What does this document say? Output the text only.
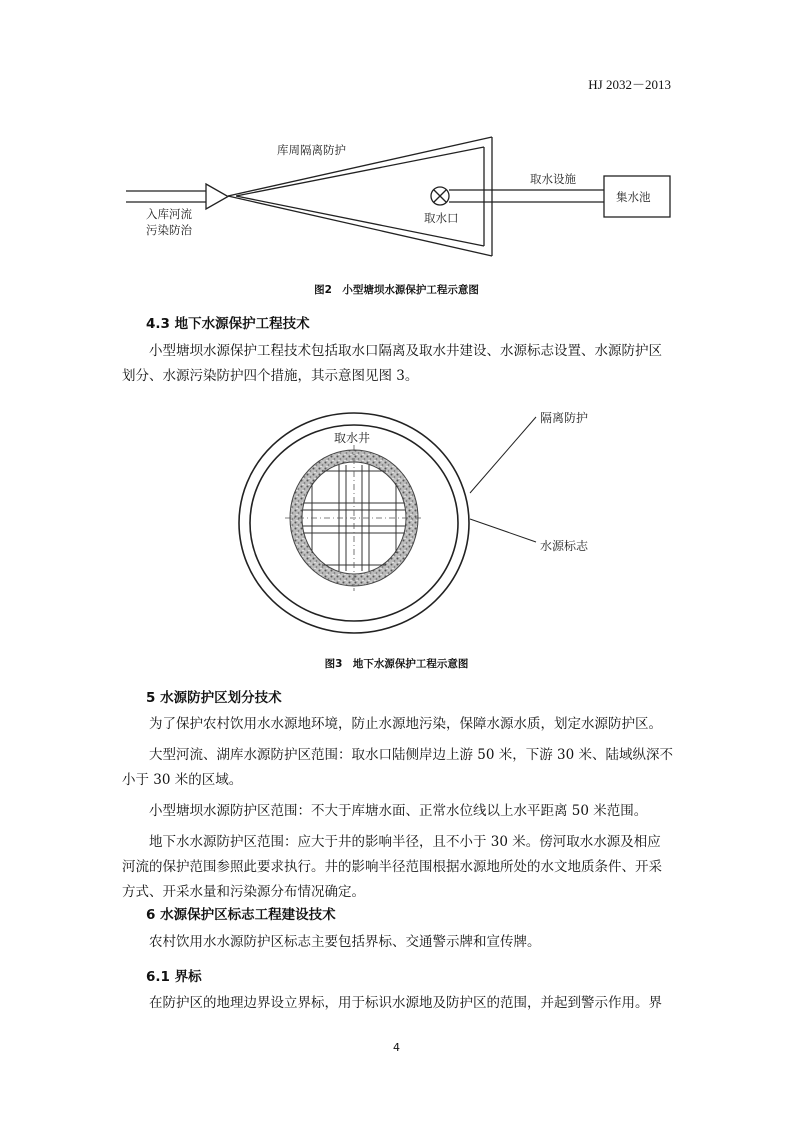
HJ 2032－2013
库周隔离防护
入库河流
污染防治
取水口
取水设施
集水池
图2　小型塘坝水源保护工程示意图
4.3 地下水源保护工程技术
小型塘坝水源保护工程技术包括取水口隔离及取水井建设、水源标志设置、水源防护区
划分、水源污染防护四个措施，其示意图见图 3。
取水井
隔离防护
水源标志
图3　地下水源保护工程示意图
5 水源防护区划分技术
为了保护农村饮用水水源地环境，防止水源地污染，保障水源水质，划定水源防护区。
大型河流、湖库水源防护区范围：取水口陆侧岸边上游 50 米，下游 30 米、陆域纵深不
小于 30 米的区域。
小型塘坝水源防护区范围：不大于库塘水面、正常水位线以上水平距离 50 米范围。
地下水水源防护区范围：应大于井的影响半径，且不小于 30 米。傍河取水水源及相应
河流的保护范围参照此要求执行。井的影响半径范围根据水源地所处的水文地质条件、开采
方式、开采水量和污染源分布情况确定。
6 水源保护区标志工程建设技术
农村饮用水水源防护区标志主要包括界标、交通警示牌和宣传牌。
6.1 界标
在防护区的地理边界设立界标，用于标识水源地及防护区的范围，并起到警示作用。界
4
